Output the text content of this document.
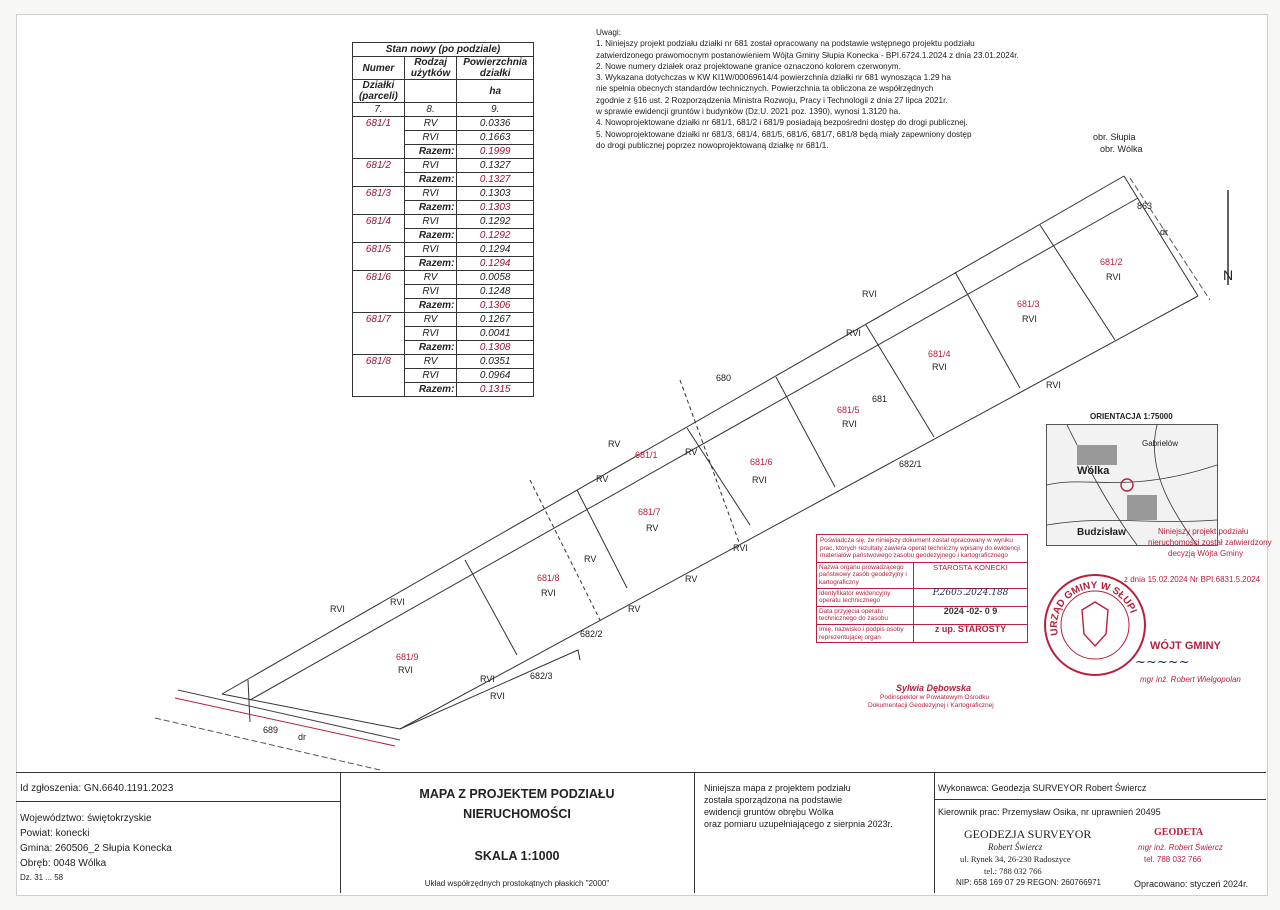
Stan nowy (po podziale)		
Numer	Rodzaj użytków	Powierzchnia działki
Działki (parceli)		ha
7.	8.	9.
681/1	RV	0.0336
	RVI	0.1663
	Razem:	0.1999
681/2	RVI	0.1327
	Razem:	0.1327
681/3	RVI	0.1303
	Razem:	0.1303
681/4	RVI	0.1292
	Razem:	0.1292
681/5	RVI	0.1294
	Razem:	0.1294
681/6	RV	0.0058
	RVI	0.1248
	Razem:	0.1306
681/7	RV	0.1267
	RVI	0.0041
	Razem:	0.1308
681/8	RV	0.0351
	RVI	0.0964
	Razem:	0.1315
Uwagi:
1. Niniejszy projekt podziału działki nr 681 został opracowany na podstawie wstępnego projektu podziału
zatwierdzonego prawomocnym postanowieniem Wójta Gminy Słupia Konecka - BPI.6724.1.2024 z dnia 23.01.2024r.
2. Nowe numery działek oraz projektowane granice oznaczono kolorem czerwonym.
3. Wykazana dotychczas w KW KI1W/00069614/4 powierzchnia działki nr 681 wynosząca 1.29 ha
nie spełnia obecnych standardów technicznych. Powierzchnia ta obliczona ze współrzędnych
zgodnie z §16 ust. 2 Rozporządzenia Ministra Rozwoju, Pracy i Technologii z dnia 27 lipca 2021r.
w sprawie ewidencji gruntów i budynków (Dz.U. 2021 poz. 1390), wynosi 1.3120 ha.
4. Nowoprojektowane działki nr 681/1, 681/2 i 681/9 posiadają bezpośredni dostęp do drogi publicznej.
5. Nowoprojektowane działki nr 681/3, 681/4, 681/5, 681/6, 681/7, 681/8 będą miały zapewniony dostęp
do drogi publicznej poprzez nowoprojektowaną działkę nr 681/1.
681/2
RVI
681/3
RVI
681/4
RVI
681/5
RVI
681/6
RVI
681/7
RV
681/8
RVI
681/9
RVI
681/1
RVI
RVI
RVI
RV
RV
RV
RV
RV
RV
RVI
RVI
RVI
RVI
RVI
680
681
682/1
682/2
682/3
689
dr
dr
863
obr. Słupia
obr. Wólka
N
Wólka
Budzisław
Gabrielów
ORIENTACJA 1:75000
Poświadcza się, że niniejszy dokument został opracowany w wyniku prac, których rezultaty zawiera operat techniczny wpisany do ewidencji materiałów państwowego zasobu geodezyjnego i kartograficznego
Nazwa organu prowadzącego państwowy zasób geodezyjny i kartograficzny
STAROSTA KONECKI
Identyfikator ewidencyjny operatu technicznego
P.2605.2024.188
Data przyjęcia operatu technicznego do zasobu
2024 -02- 0 9
Imię, nazwisko i podpis osoby reprezentującej organ
z up. STAROSTY
Sylwia Dębowska
Podinspektor w Powiatowym Ośrodku
Dokumentacji Geodezyjnej i Kartograficznej
URZĄD GMINY W SŁUPI
Niniejszy projekt podziału
nieruchomości został zatwierdzony
decyzją Wójta Gminy
z dnia 15.02.2024 Nr BPI.6831.5.2024
WÓJT GMINY
~~~~~
mgr inż. Robert Wielgopolan
Id zgłoszenia: GN.6640.1191.2023
Województwo: świętokrzyskie
Powiat: konecki
Gmina: 260506_2 Słupia Konecka
Obręb: 0048 Wólka
Dz. 31 ... 58
MAPA Z PROJEKTEM PODZIAŁU
NIERUCHOMOŚCI
SKALA 1:1000
Układ współrzędnych prostokątnych płaskich "2000"
Niniejsza mapa z projektem podziału
została sporządzona na podstawie
ewidencji gruntów obrębu Wólka
oraz pomiaru uzupełniającego z sierpnia 2023r.
Wykonawca: Geodezja SURVEYOR Robert Świercz
Kierownik prac: Przemysław Osika, nr uprawnień 20495
GEODEZJA SURVEYOR
Robert Świercz
ul. Rynek 34, 26-230 Radoszyce
tel.: 788 032 766
NIP: 658 169 07 29 REGON: 260766971
GEODETA
mgr inż. Robert Świercz
tel. 788 032 766
Opracowano: styczeń 2024r.
